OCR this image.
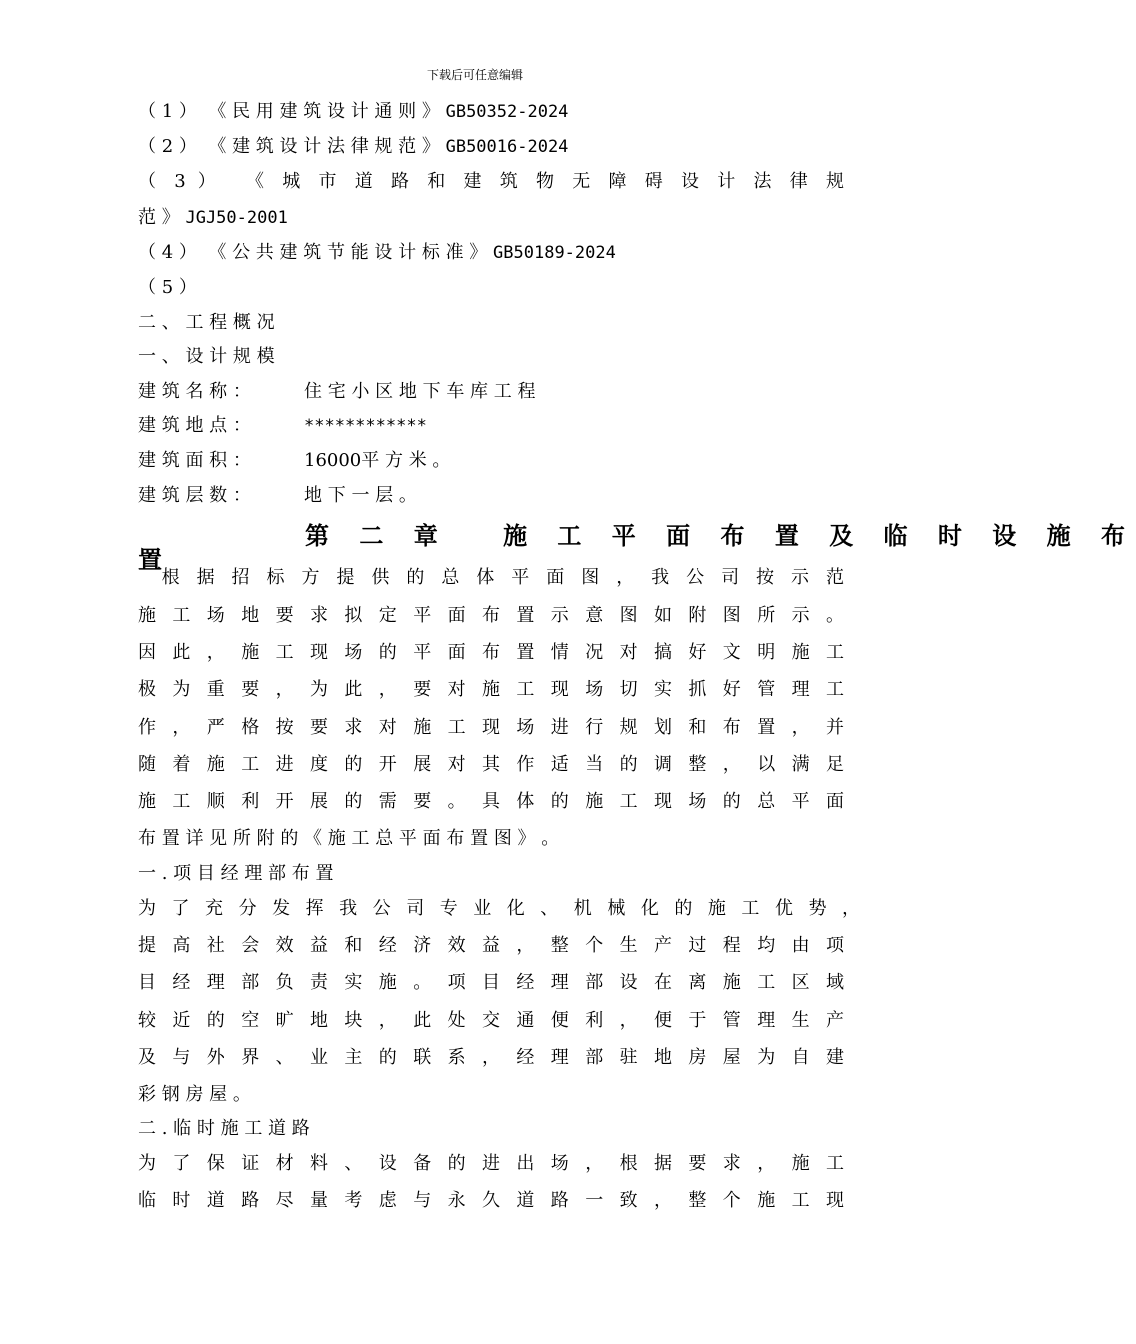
下载后可任意编辑
（ 1 ） 《 民 用 建 筑 设 计 通 则 》 GB50352-2024
（ 2 ） 《 建 筑 设 计 法 律 规 范 》 GB50016-2024
（ 3 ） 《 城 市 道 路 和 建 筑 物 无 障 碍 设 计 法 律 规
范 》 JGJ50-2001
（ 4 ） 《 公 共 建 筑 节 能 设 计 标 准 》 GB50189-2024
（ 5 ）
二 、 工 程 概 况
一 、 设 计 规 模
建 筑 名 称 ：	住 宅 小 区 地 下 车 库 工 程
建 筑 地 点 ：	************
建 筑 面 积 ：	16000平 方 米 。
建 筑 层 数 ：	地 下 一 层 。
第 二 章　 施 工 平 面 布 置 及 临 时 设 施 布
置
　根 据 招 标 方 提 供 的 总 体 平 面 图 ， 我 公 司 按 示 范
施 工 场 地 要 求 拟 定 平 面 布 置 示 意 图 如 附 图 所 示 。
因 此 ， 施 工 现 场 的 平 面 布 置 情 况 对 搞 好 文 明 施 工
极 为 重 要 ， 为 此 ， 要 对 施 工 现 场 切 实 抓 好 管 理 工
作 ， 严 格 按 要 求 对 施 工 现 场 进 行 规 划 和 布 置 ， 并
随 着 施 工 进 度 的 开 展 对 其 作 适 当 的 调 整 ， 以 满 足
施 工 顺 利 开 展 的 需 要 。 具 体 的 施 工 现 场 的 总 平 面
布 置 详 见 所 附 的 《 施 工 总 平 面 布 置 图 》 。
一 . 项 目 经 理 部 布 置
为 了 充 分 发 挥 我 公 司 专 业 化 、 机 械 化 的 施 工 优 势 ，
提 高 社 会 效 益 和 经 济 效 益 ， 整 个 生 产 过 程 均 由 项
目 经 理 部 负 责 实 施 。 项 目 经 理 部 设 在 离 施 工 区 域
较 近 的 空 旷 地 块 ， 此 处 交 通 便 利 ， 便 于 管 理 生 产
及 与 外 界 、 业 主 的 联 系 ， 经 理 部 驻 地 房 屋 为 自 建
彩 钢 房 屋 。
二 . 临 时 施 工 道 路
为 了 保 证 材 料 、 设 备 的 进 出 场 ， 根 据 要 求 ， 施 工
临 时 道 路 尽 量 考 虑 与 永 久 道 路 一 致 ， 整 个 施 工 现
